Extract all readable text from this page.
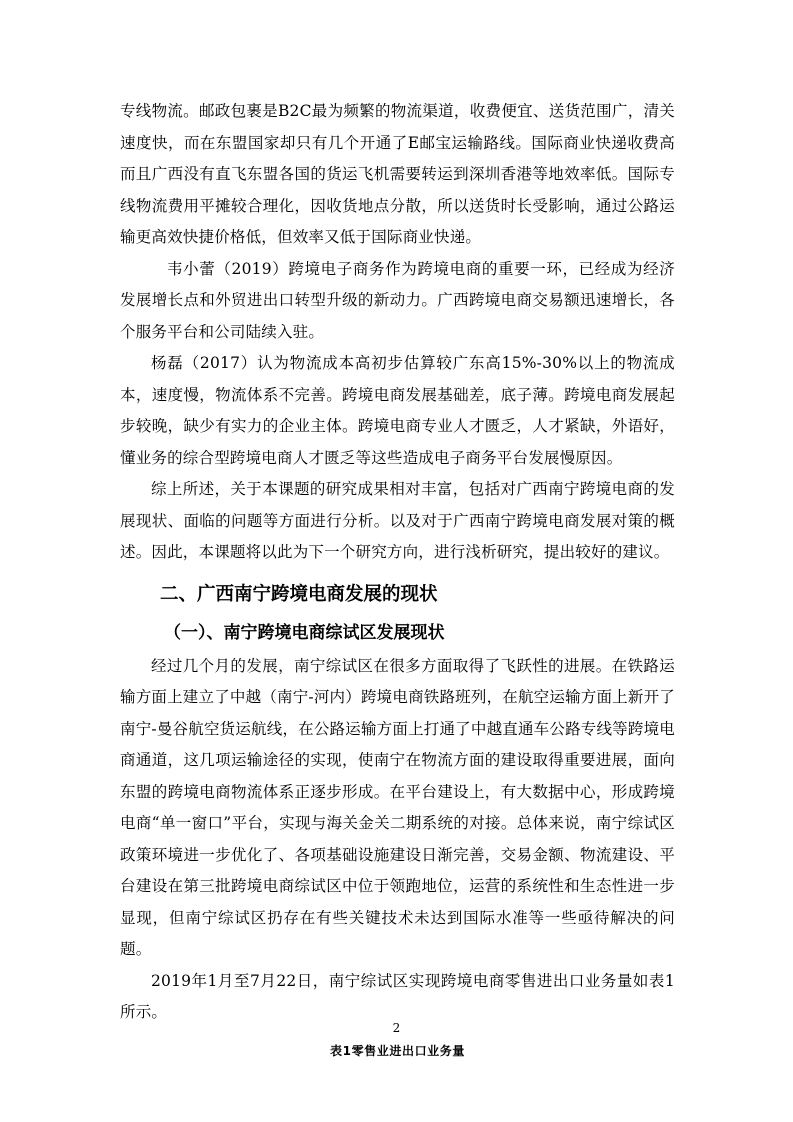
专线物流。邮政包裹是B2C最为频繁的物流渠道，收费便宜、送货范围广，清关速度快，而在东盟国家却只有几个开通了E邮宝运输路线。国际商业快递收费高而且广西没有直飞东盟各国的货运飞机需要转运到深圳香港等地效率低。国际专线物流费用平摊较合理化，因收货地点分散，所以送货时长受影响，通过公路运输更高效快捷价格低，但效率又低于国际商业快递。

韦小蕾（2019）跨境电子商务作为跨境电商的重要一环，已经成为经济发展增长点和外贸进出口转型升级的新动力。广西跨境电商交易额迅速增长，各个服务平台和公司陆续入驻。

杨磊（2017）认为物流成本高初步估算较广东高15%-30%以上的物流成本，速度慢，物流体系不完善。跨境电商发展基础差，底子薄。跨境电商发展起步较晚，缺少有实力的企业主体。跨境电商专业人才匮乏，人才紧缺，外语好，懂业务的综合型跨境电商人才匮乏等这些造成电子商务平台发展慢原因。

综上所述，关于本课题的研究成果相对丰富，包括对广西南宁跨境电商的发展现状、面临的问题等方面进行分析。以及对于广西南宁跨境电商发展对策的概述。因此，本课题将以此为下一个研究方向，进行浅析研究，提出较好的建议。

二、广西南宁跨境电商发展的现状
（一）、南宁跨境电商综试区发展现状

经过几个月的发展，南宁综试区在很多方面取得了飞跃性的进展。在铁路运输方面上建立了中越（南宁-河内）跨境电商铁路班列，在航空运输方面上新开了南宁-曼谷航空货运航线，在公路运输方面上打通了中越直通车公路专线等跨境电商通道，这几项运输途径的实现，使南宁在物流方面的建设取得重要进展，面向东盟的跨境电商物流体系正逐步形成。在平台建设上，有大数据中心，形成跨境电商“单一窗口”平台，实现与海关金关二期系统的对接。总体来说，南宁综试区政策环境进一步优化了、各项基础设施建设日渐完善，交易金额、物流建设、平台建设在第三批跨境电商综试区中位于领跑地位，运营的系统性和生态性进一步显现，但南宁综试区扔存在有些关键技术未达到国际水准等一些亟待解决的问题。

2019年1月至7月22日，南宁综试区实现跨境电商零售进出口业务量如表1所示。

表1零售业进出口业务量
2
